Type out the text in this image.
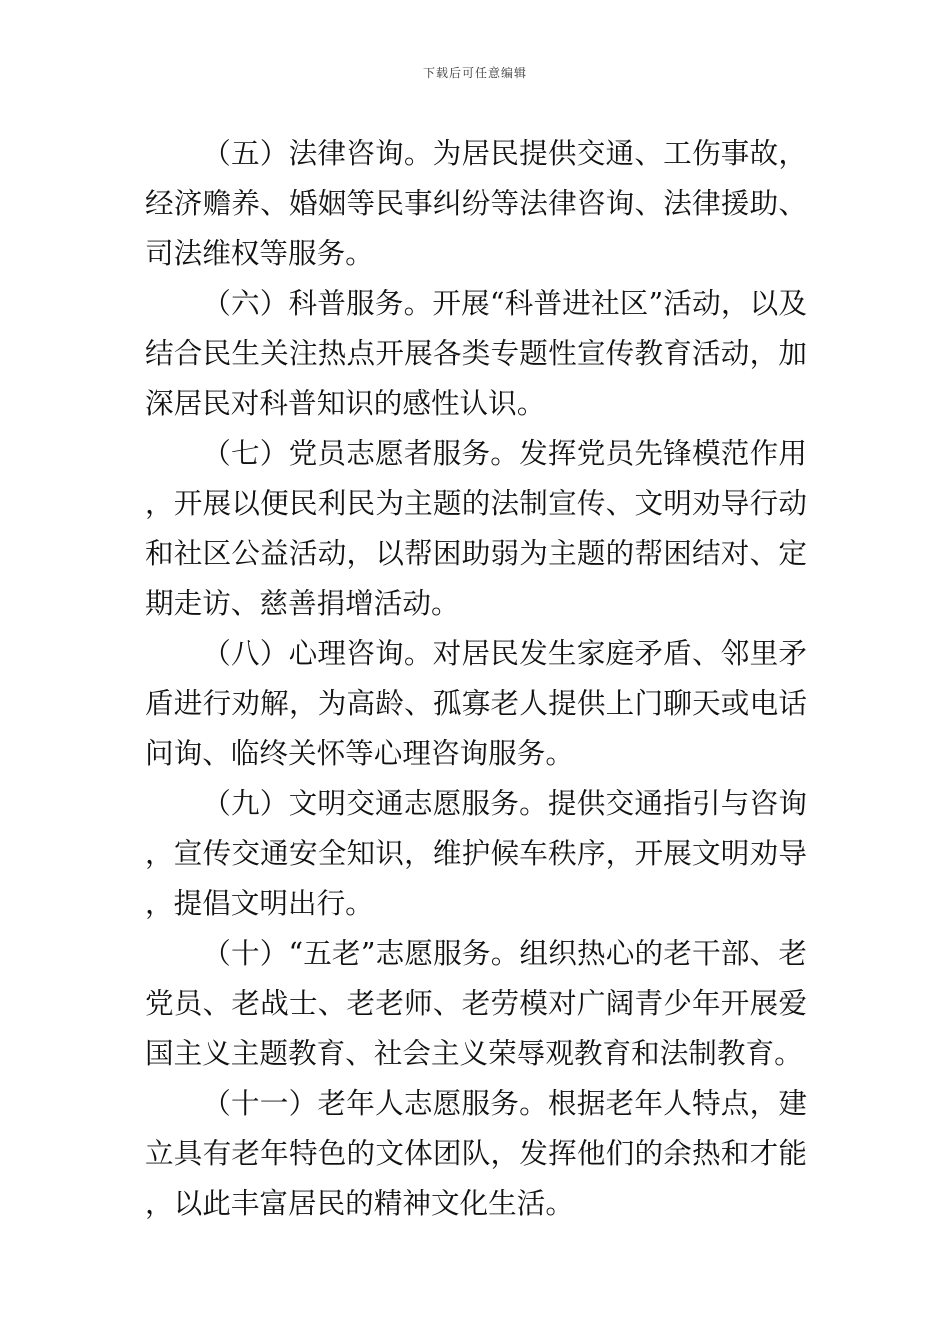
下载后可任意编辑

（五）法律咨询。为居民提供交通、工伤事故，经济赡养、婚姻等民事纠纷等法律咨询、法律援助、司法维权等服务。

（六）科普服务。开展“科普进社区”活动，以及结合民生关注热点开展各类专题性宣传教育活动，加深居民对科普知识的感性认识。

（七）党员志愿者服务。发挥党员先锋模范作用，开展以便民利民为主题的法制宣传、文明劝导行动和社区公益活动，以帮困助弱为主题的帮困结对、定期走访、慈善捐增活动。

（八）心理咨询。对居民发生家庭矛盾、邻里矛盾进行劝解，为高龄、孤寡老人提供上门聊天或电话问询、临终关怀等心理咨询服务。

（九）文明交通志愿服务。提供交通指引与咨询，宣传交通安全知识，维护候车秩序，开展文明劝导，提倡文明出行。

（十）“五老”志愿服务。组织热心的老干部、老党员、老战士、老老师、老劳模对广阔青少年开展爱国主义主题教育、社会主义荣辱观教育和法制教育。

（十一）老年人志愿服务。根据老年人特点，建立具有老年特色的文体团队，发挥他们的余热和才能，以此丰富居民的精神文化生活。
